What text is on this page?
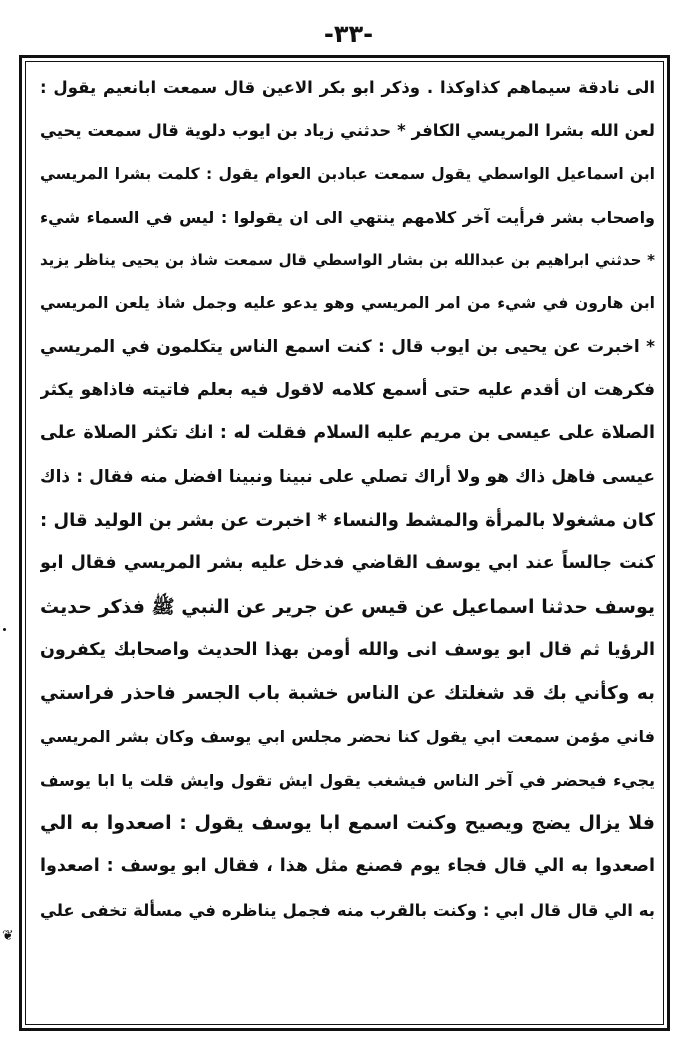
-٣٣-
❦
الى نادقة سيماهم كذاوكذا . وذكر ابو بكر الاعين قال سمعت ابانعيم يقول :
لعن الله بشرا المريسي الكافر * حدثني زياد بن ايوب دلوية قال سمعت يحيي
ابن اسماعيل الواسطي يقول سمعت عبادبن العوام يقول : كلمت بشرا المريسي
واصحاب بشر فرأيت آخر كلامهم ينتهي الى ان يقولوا : ليس في السماء شيء
* حدثني ابراهيم بن عبدالله بن بشار الواسطي قال سمعت شاذ بن يحيى يناظر يزيد
ابن هارون في شيء من امر المريسي وهو يدعو عليه وجمل شاذ يلعن المريسي
* اخبرت عن يحيى بن ايوب قال : كنت اسمع الناس يتكلمون في المريسي
فكرهت ان أقدم عليه حتى أسمع كلامه لاقول فيه بعلم فاتيته فاذاهو يكثر
الصلاة على عيسى بن مريم عليه السلام فقلت له : انك تكثر الصلاة على
عيسى فاهل ذاك هو ولا أراك تصلي على نبينا ونبينا افضل منه فقال : ذاك
كان مشغولا بالمرأة والمشط والنساء * اخبرت عن بشر بن الوليد قال :
كنت جالساً عند ابي يوسف القاضي فدخل عليه بشر المريسي فقال ابو
يوسف حدثنا اسماعيل عن قيس عن جرير عن النبي ﷺ فذكر حديث
الرؤيا ثم قال ابو يوسف انى والله أومن بهذا الحديث واصحابك يكفرون
به وكأني بك قد شغلتك عن الناس خشبة باب الجسر فاحذر فراستي
فاني مؤمن سمعت ابي يقول كنا نحضر مجلس ابي يوسف وكان بشر المريسي
يجيء فيحضر في آخر الناس فيشغب يقول ايش تقول وايش قلت يا ابا يوسف
فلا يزال يضج ويصيح وكنت اسمع ابا يوسف يقول : اصعدوا به الي
اصعدوا به الي قال فجاء يوم فصنع مثل هذا ، فقال ابو يوسف : اصعدوا
به الي قال قال ابي : وكنت بالقرب منه فجمل يناظره في مسألة تخفى علي
